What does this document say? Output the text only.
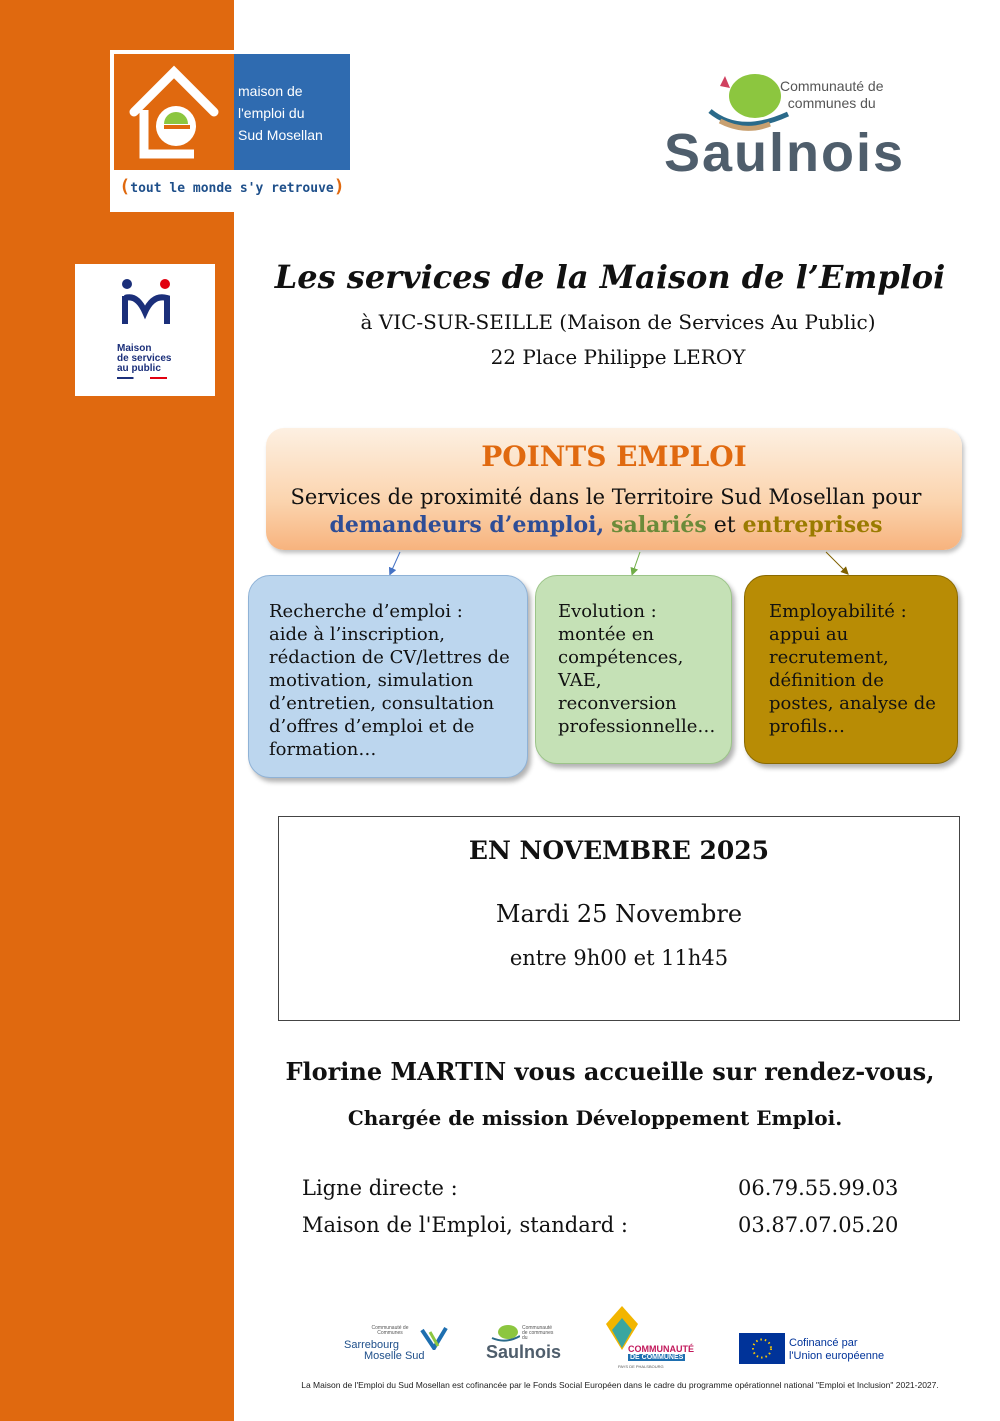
maison de
l'emploi du
Sud Mosellan
(tout le monde s'y retrouve)
Maison
de services
au public
Communauté de
communes du
Saulnois
Les services de la Maison de l’Emploi
à VIC-SUR-SEILLE (Maison de Services Au Public)
22 Place Philippe LEROY
POINTS EMPLOI
Services de proximité dans le Territoire Sud Mosellan pour
demandeurs d’emploi, salariés et entreprises
Recherche d’emploi :
aide à l’inscription,
rédaction de CV/lettres de
motivation, simulation
d’entretien, consultation
d’offres d’emploi et de
formation…
Evolution :
montée en
compétences,
VAE,
reconversion
professionnelle…
Employabilité :
appui au
recrutement,
définition de
postes, analyse de
profils…
EN NOVEMBRE 2025
Mardi 25 Novembre
entre 9h00 et 11h45
Florine MARTIN vous accueille sur rendez-vous,
Chargée de mission Développement Emploi.
Ligne directe :	06.79.55.99.03
Maison de l'Emploi, standard :	03.87.07.05.20
Communauté de Communes
Sarrebourg
Moselle Sud
Communauté de communes du
Saulnois	COMMUNAUTÉ
DE COMMUNES
PAYS DE PHALSBOURG
Cofinancé par
l'Union européenne
La Maison de l'Emploi du Sud Mosellan est cofinancée par le Fonds Social Européen dans le cadre du programme opérationnel national "Emploi et Inclusion" 2021-2027.
